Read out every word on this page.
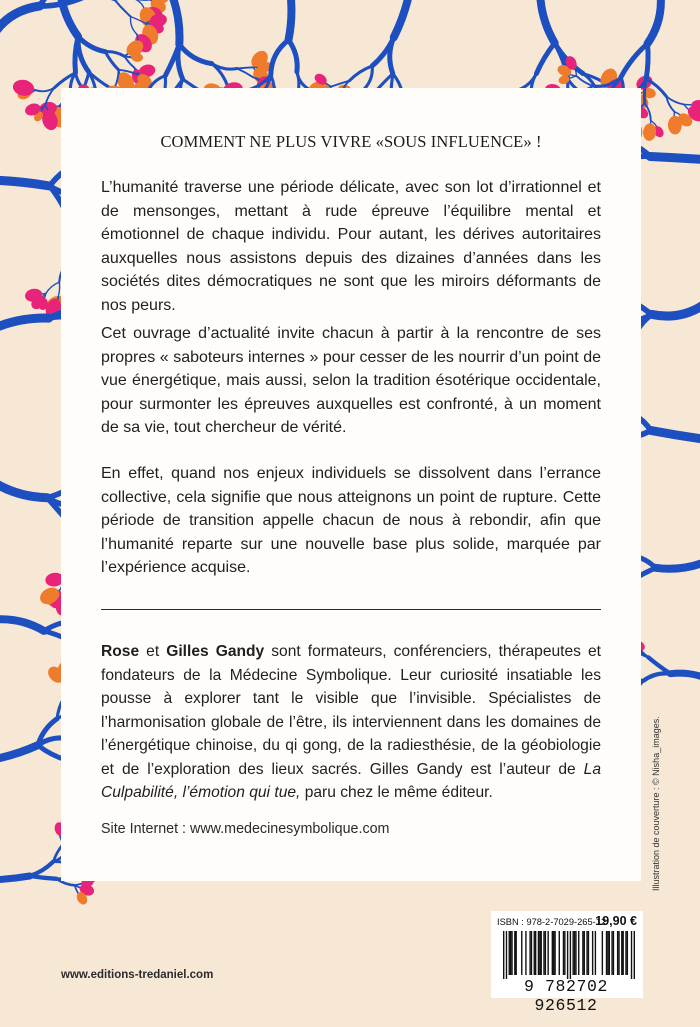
COMMENT NE PLUS VIVRE «SOUS INFLUENCE» !

L’humanité traverse une période délicate, avec son lot d’irrationnel et de mensonges, mettant à rude épreuve l’équilibre mental et émotionnel de chaque individu. Pour autant, les dérives autoritaires auxquelles nous assistons depuis des dizaines d’années dans les sociétés dites démocratiques ne sont que les miroirs déformants de nos peurs.

Cet ouvrage d’actualité invite chacun à partir à la rencontre de ses propres « saboteurs internes » pour cesser de les nourrir d’un point de vue énergétique, mais aussi, selon la tradition ésotérique occidentale, pour surmonter les épreuves auxquelles est confronté, à un moment de sa vie, tout chercheur de vérité.

En effet, quand nos enjeux individuels se dissolvent dans l’errance collective, cela signifie que nous atteignons un point de rupture. Cette période de transition appelle chacun de nous à rebondir, afin que l’humanité reparte sur une nouvelle base plus solide, marquée par l’expérience acquise.

Rose et Gilles Gandy sont formateurs, conférenciers, thérapeutes et fondateurs de la Médecine Symbolique. Leur curiosité insatiable les pousse à explorer tant le visible que l’invisible. Spécialistes de l’harmonisation globale de l’être, ils interviennent dans les domaines de l’énergétique chinoise, du qi gong, de la radiesthésie, de la géobiologie et de l’exploration des lieux sacrés. Gilles Gandy est l’auteur de La Culpabilité, l’émotion qui tue, paru chez le même éditeur.

Site Internet : www.medecinesymbolique.com	Illustration de couverture : © Nisha_images.
ISBN : 978-2-7029-265-12
19,90 €
9 782702 926512
www.editions-tredaniel.com
